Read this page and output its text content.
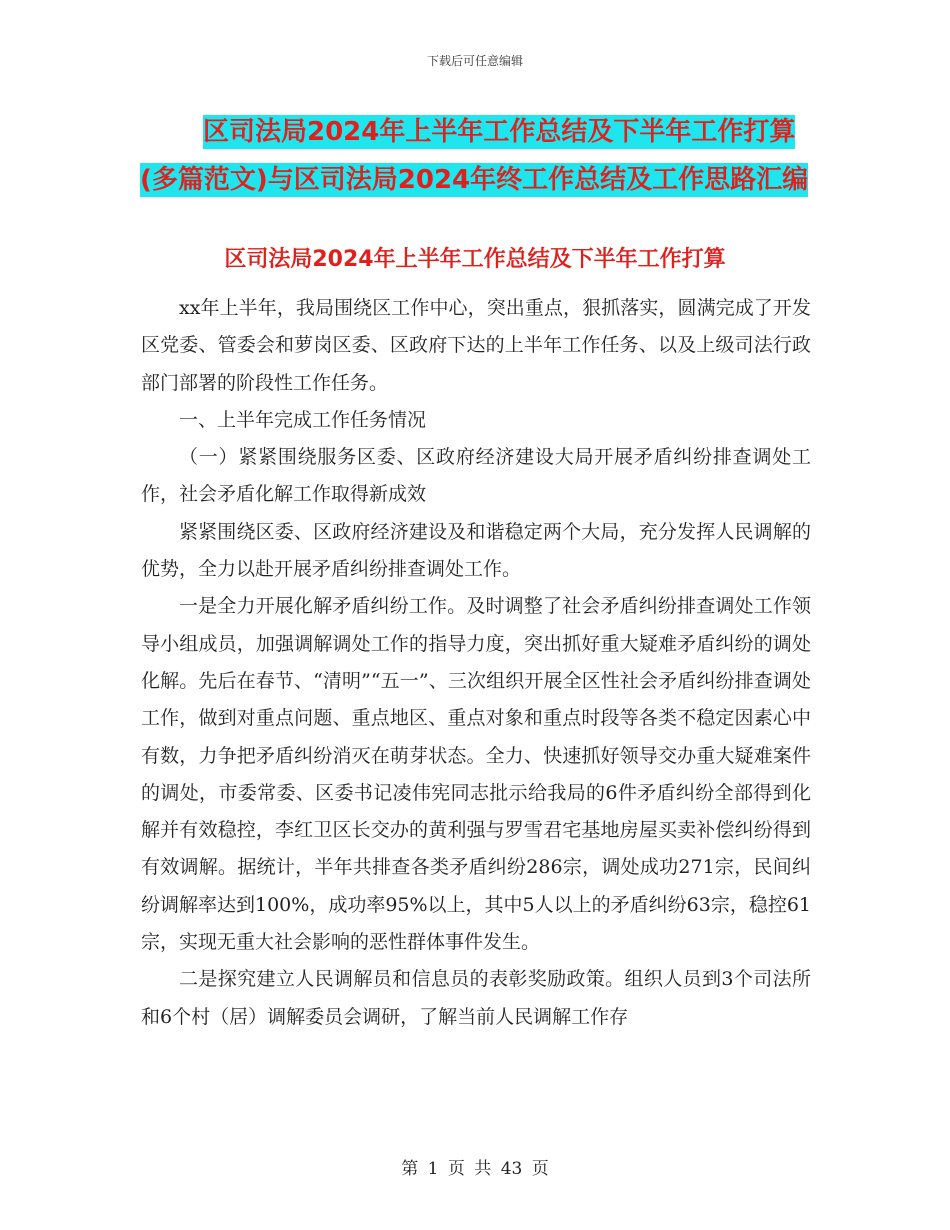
下载后可任意编辑
区司法局2024年上半年工作总结及下半年工作打算
(多篇范文)与区司法局2024年终工作总结及工作思路汇编
区司法局2024年上半年工作总结及下半年工作打算

xx年上半年，我局围绕区工作中心，突出重点，狠抓落实，圆满完成了开发区党委、管委会和萝岗区委、区政府下达的上半年工作任务、以及上级司法行政部门部署的阶段性工作任务。

一、上半年完成工作任务情况

（一）紧紧围绕服务区委、区政府经济建设大局开展矛盾纠纷排查调处工作，社会矛盾化解工作取得新成效

紧紧围绕区委、区政府经济建设及和谐稳定两个大局，充分发挥人民调解的优势，全力以赴开展矛盾纠纷排查调处工作。

一是全力开展化解矛盾纠纷工作。及时调整了社会矛盾纠纷排查调处工作领导小组成员，加强调解调处工作的指导力度，突出抓好重大疑难矛盾纠纷的调处化解。先后在春节、“清明”“五一”、三次组织开展全区性社会矛盾纠纷排查调处工作，做到对重点问题、重点地区、重点对象和重点时段等各类不稳定因素心中有数，力争把矛盾纠纷消灭在萌芽状态。全力、快速抓好领导交办重大疑难案件的调处，市委常委、区委书记凌伟宪同志批示给我局的6件矛盾纠纷全部得到化解并有效稳控，李红卫区长交办的黄利强与罗雪君宅基地房屋买卖补偿纠纷得到有效调解。据统计，半年共排查各类矛盾纠纷286宗，调处成功271宗，民间纠纷调解率达到100%，成功率95%以上，其中5人以上的矛盾纠纷63宗，稳控61宗，实现无重大社会影响的恶性群体事件发生。

二是探究建立人民调解员和信息员的表彰奖励政策。组织人员到3个司法所和6个村（居）调解委员会调研，了解当前人民调解工作存

第 1 页 共 43 页
